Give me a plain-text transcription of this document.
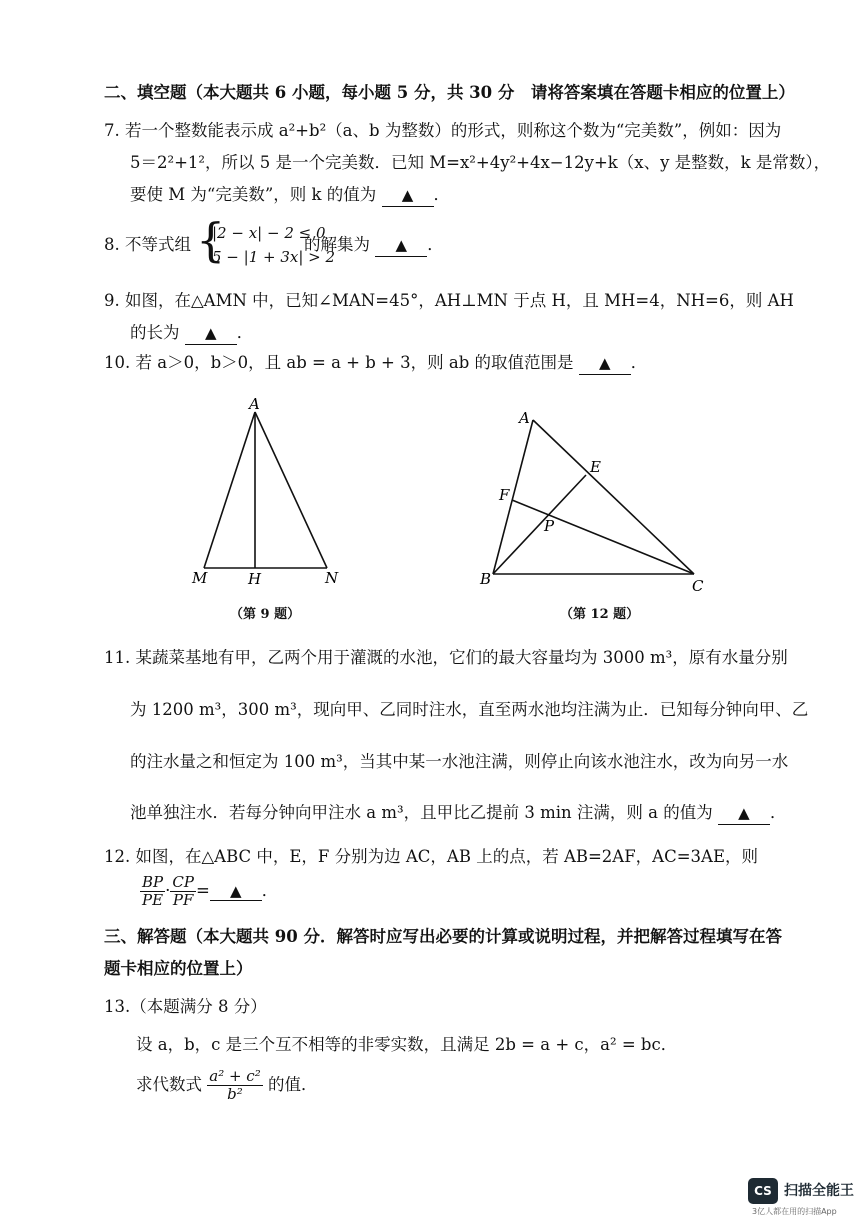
二、填空题（本大题共 6 小题，每小题 5 分，共 30 分　请将答案填在答题卡相应的位置上）
7. 若一个整数能表示成 a²+b²（a、b 为整数）的形式，则称这个数为“完美数”，例如：因为
5＝2²+1²，所以 5 是一个完美数．已知 M=x²+4y²+4x−12y+k（x、y 是整数，k 是常数），
要使 M 为“完美数”，则 k 的值为 ▲ ．
8. 不等式组 {
|2 − x| − 2 ≤ 0
5 − |1 + 3x| > 2
的解集为 ▲ ．
9. 如图，在△AMN 中，已知∠MAN=45°，AH⊥MN 于点 H，且 MH=4，NH=6，则 AH
的长为 ▲ ．
10. 若 a＞0，b＞0，且 ab = a + b + 3，则 ab 的取值范围是 ▲ ．
A
M	H	N
A
E
F
P
B	C
（第 9 题）	（第 12 题）
11. 某蔬菜基地有甲，乙两个用于灌溉的水池，它们的最大容量均为 3000 m³，原有水量分别
为 1200 m³，300 m³，现向甲、乙同时注水，直至两水池均注满为止．已知每分钟向甲、乙
的注水量之和恒定为 100 m³，当其中某一水池注满，则停止向该水池注水，改为向另一水
池单独注水．若每分钟向甲注水 a m³，且甲比乙提前 3 min 注满，则 a 的值为 ▲ ．
12. 如图，在△ABC 中，E，F 分别为边 AC，AB 上的点，若 AB=2AF，AC=3AE，则
$\frac{BP}{PE} \cdot \frac{CP}{PF}$ = ▲ ．
三、解答题（本大题共 90 分．解答时应写出必要的计算或说明过程，并把解答过程填写在答
题卡相应的位置上）
13.（本题满分 8 分）
设 a，b，c 是三个互不相等的非零实数，且满足 2b = a + c，a² = bc．
求代数式 $\frac{\text{a² + c²}}{\text{b²}}$ 的值．
CS 扫描全能王
3亿人都在用的扫描App
